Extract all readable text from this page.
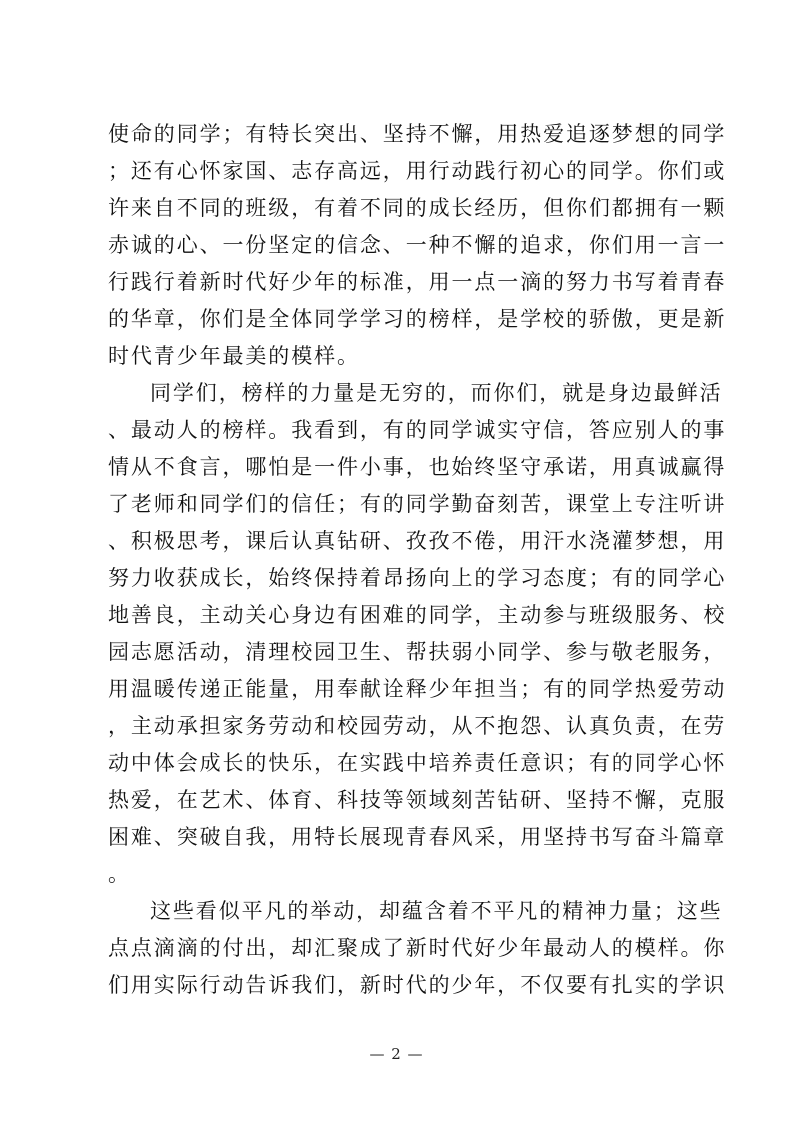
使命的同学；有特长突出、坚持不懈，用热爱追逐梦想的同学
；还有心怀家国、志存高远，用行动践行初心的同学。你们或
许来自不同的班级，有着不同的成长经历，但你们都拥有一颗
赤诚的心、一份坚定的信念、一种不懈的追求，你们用一言一
行践行着新时代好少年的标准，用一点一滴的努力书写着青春
的华章，你们是全体同学学习的榜样，是学校的骄傲，更是新
时代青少年最美的模样。
同学们，榜样的力量是无穷的，而你们，就是身边最鲜活
、最动人的榜样。我看到，有的同学诚实守信，答应别人的事
情从不食言，哪怕是一件小事，也始终坚守承诺，用真诚赢得
了老师和同学们的信任；有的同学勤奋刻苦，课堂上专注听讲
、积极思考，课后认真钻研、孜孜不倦，用汗水浇灌梦想，用
努力收获成长，始终保持着昂扬向上的学习态度；有的同学心
地善良，主动关心身边有困难的同学，主动参与班级服务、校
园志愿活动，清理校园卫生、帮扶弱小同学、参与敬老服务，
用温暖传递正能量，用奉献诠释少年担当；有的同学热爱劳动
，主动承担家务劳动和校园劳动，从不抱怨、认真负责，在劳
动中体会成长的快乐，在实践中培养责任意识；有的同学心怀
热爱，在艺术、体育、科技等领域刻苦钻研、坚持不懈，克服
困难、突破自我，用特长展现青春风采，用坚持书写奋斗篇章
。
这些看似平凡的举动，却蕴含着不平凡的精神力量；这些
点点滴滴的付出，却汇聚成了新时代好少年最动人的模样。你
们用实际行动告诉我们，新时代的少年，不仅要有扎实的学识
— 2 —
